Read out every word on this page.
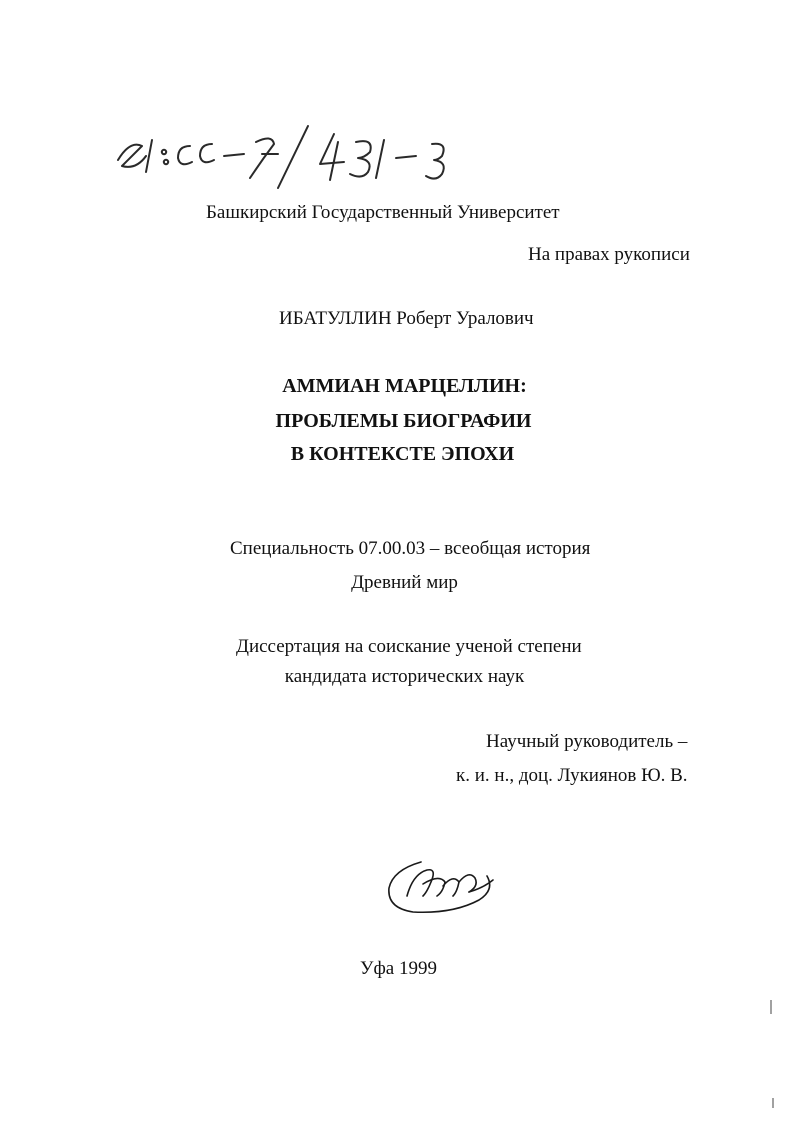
Башкирский Государственный Университет
На правах рукописи
ИБАТУЛЛИН Роберт Уралович
АММИАН МАРЦЕЛЛИН:
ПРОБЛЕМЫ БИОГРАФИИ
В КОНТЕКСТЕ ЭПОХИ
Специальность 07.00.03 – всеобщая история
Древний мир
Диссертация на соискание ученой степени
кандидата исторических наук
Научный руководитель –
к. и. н., доц. Лукиянов Ю. В.
Уфа 1999
